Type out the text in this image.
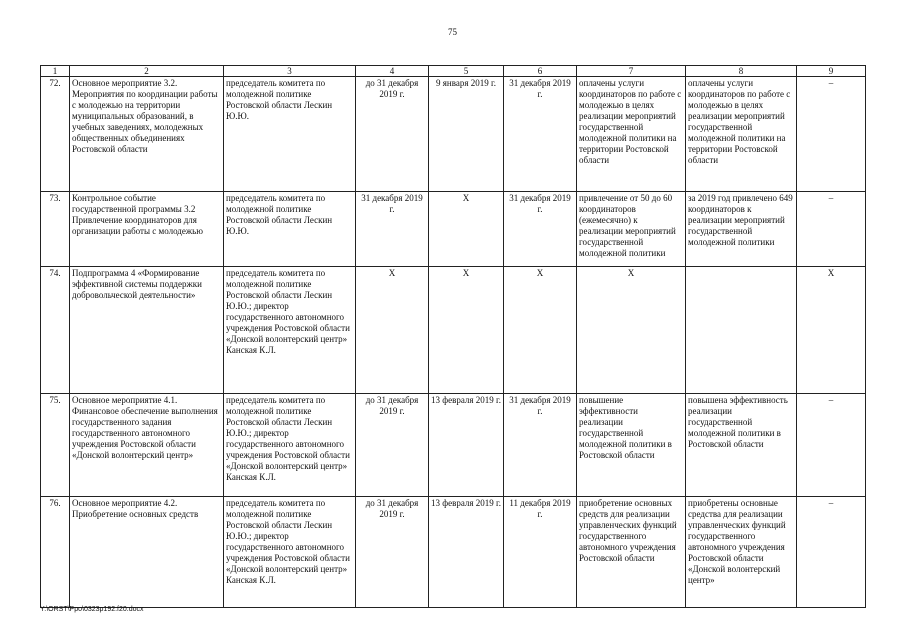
75
1	2	3	4	5	6	7	8	9
72.	Основное мероприятие 3.2. Мероприятия по координации работы с молодежью на территории муниципальных образований, в учебных заведениях, молодежных общественных объединениях Ростовской области	председатель комитета по молодежной политике Ростовской области Лескин Ю.Ю.	до 31 декабря 2019 г.	9 января 2019 г.	31 декабря 2019 г.	оплачены услуги координаторов по работе с молодежью в целях реализации мероприятий государственной молодежной политики на территории Ростовской области	оплачены услуги координаторов по работе с молодежью в целях реализации мероприятий государственной молодежной политики на территории Ростовской области	–
73.	Контрольное событие государственной программы 3.2 Привлечение координаторов для организации работы с молодежью	председатель комитета по молодежной политике Ростовской области Лескин Ю.Ю.	31 декабря 2019 г.	Х	31 декабря 2019 г.	привлечение от 50 до 60 координаторов (ежемесячно) к реализации мероприятий государственной молодежной политики	за 2019 год привлечено 649 координаторов к реализации мероприятий государственной молодежной политики	–
74.	Подпрограмма 4 «Формирование эффективной системы поддержки добровольческой деятельности»	председатель комитета по молодежной политике Ростовской области Лескин Ю.Ю.; директор государственного автономного учреждения Ростовской области «Донской волонтерский центр» Канская К.Л.	Х	Х	Х	Х		Х
75.	Основное мероприятие 4.1. Финансовое обеспечение выполнения государственного задания государственного автономного учреждения Ростовской области «Донской волонтерский центр»	председатель комитета по молодежной политике Ростовской области Лескин Ю.Ю.; директор государственного автономного учреждения Ростовской области «Донской волонтерский центр» Канская К.Л.	до 31 декабря 2019 г.	13 февраля 2019 г.	31 декабря 2019 г.	повышение эффективности реализации государственной молодежной политики в Ростовской области	повышена эффективность реализации государственной молодежной политики в Ростовской области	–
76.	Основное мероприятие 4.2. Приобретение основных средств	председатель комитета по молодежной политике Ростовской области Лескин Ю.Ю.; директор государственного автономного учреждения Ростовской области «Донской волонтерский центр» Канская К.Л.	до 31 декабря 2019 г.	13 февраля 2019 г.	11 декабря 2019 г.	приобретение основных средств для реализации управленческих функций государственного автономного учреждения Ростовской области	приобретены основные средства для реализации управленческих функций государственного автономного учреждения Ростовской области «Донской волонтерский центр»	–
Y:\ORST\Ppo\0323p192.f20.docx
